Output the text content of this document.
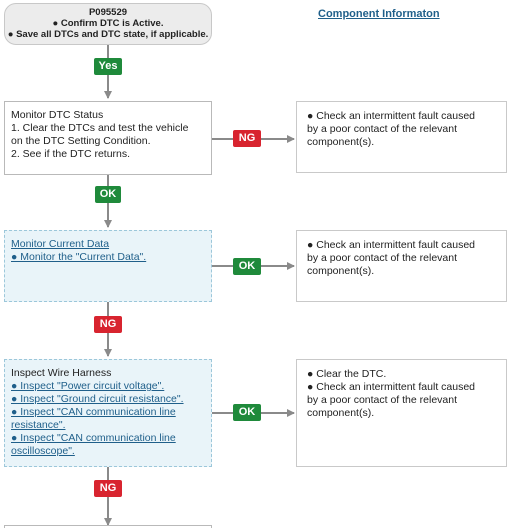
P095529
● Confirm DTC is Active.
● Save all DTCs and DTC state, if applicable.
Component Informaton
Yes
Monitor DTC Status
1. Clear the DTCs and test the vehicle
on the DTC Setting Condition.
2. See if the DTC returns.
NG
● Check an intermittent fault caused
by a poor contact of the relevant
component(s).
OK
Monitor Current Data
● Monitor the "Current Data".
OK
● Check an intermittent fault caused
by a poor contact of the relevant
component(s).
NG
Inspect Wire Harness
● Inspect "Power circuit voltage".
● Inspect "Ground circuit resistance".
● Inspect "CAN communication line resistance".
● Inspect "CAN communication line oscilloscope".
OK
● Clear the DTC.
● Check an intermittent fault caused
by a poor contact of the relevant
component(s).
NG
